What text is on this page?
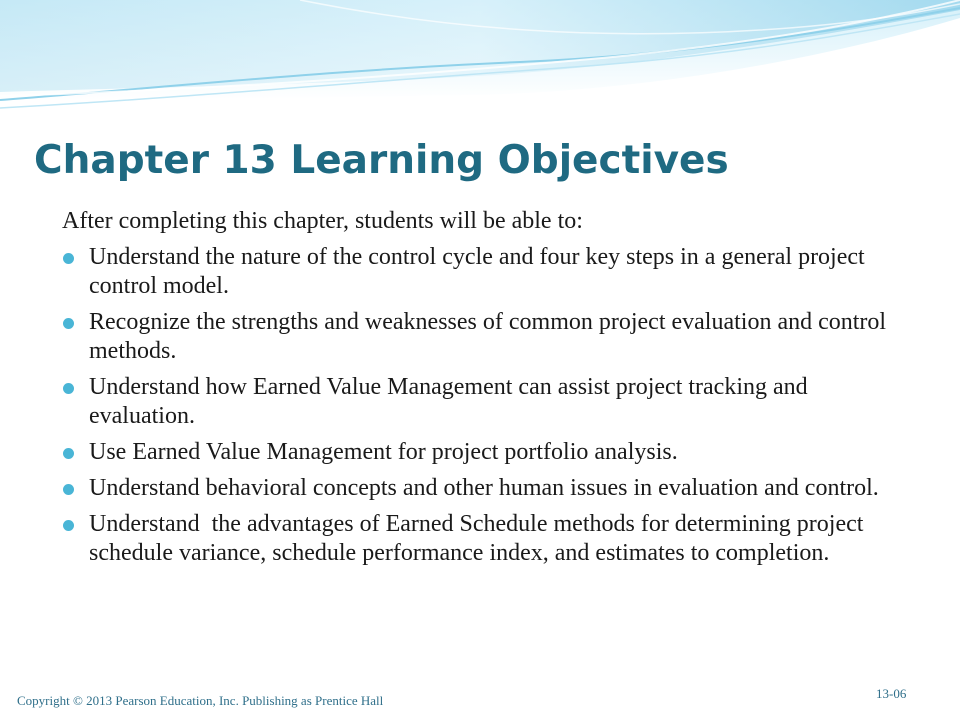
Chapter 13 Learning Objectives

After completing this chapter, students will be able to:

Understand the nature of the control cycle and four key steps in a general project control model.
Recognize the strengths and weaknesses of common project evaluation and control methods.
Understand how Earned Value Management can assist project tracking and evaluation.
Use Earned Value Management for project portfolio analysis.
Understand behavioral concepts and other human issues in evaluation and control.
Understand  the advantages of Earned Schedule methods for determining project schedule variance, schedule performance index, and estimates to completion.
Copyright © 2013 Pearson Education, Inc. Publishing as Prentice Hall	13-06
